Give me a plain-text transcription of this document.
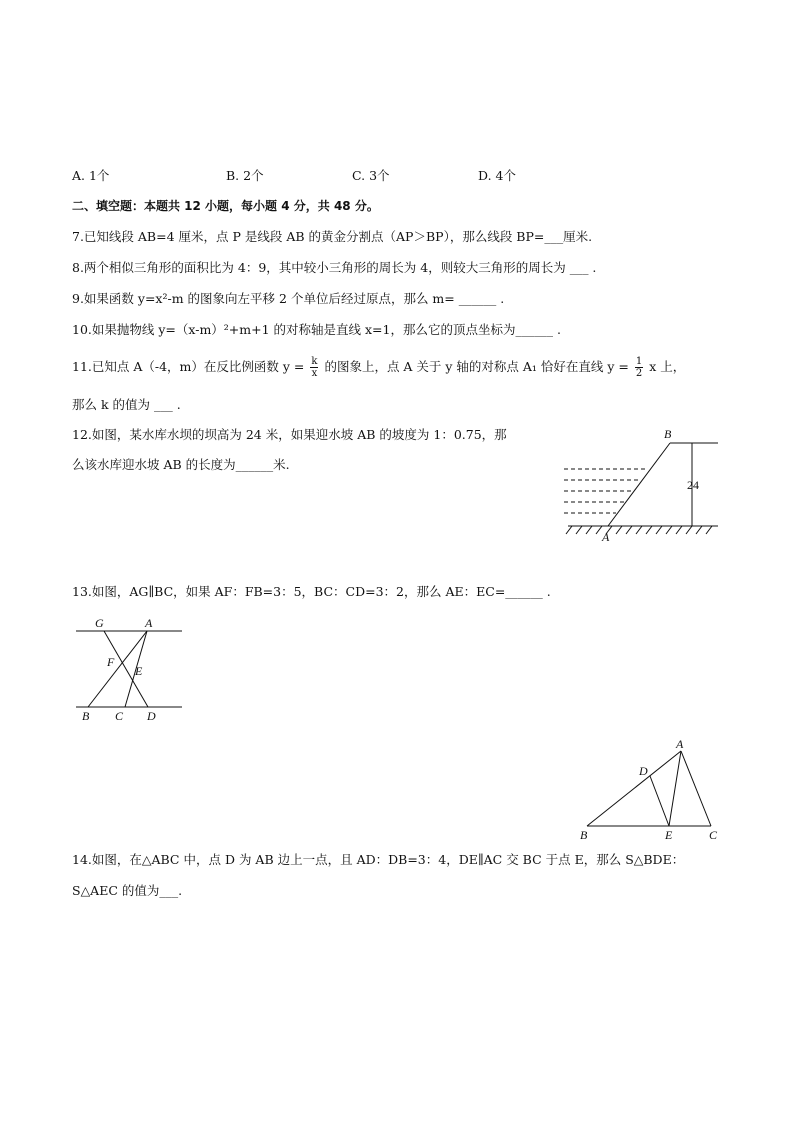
A. 1个	B. 2个	C. 3个	D. 4个
二、填空题：本题共 12 小题，每小题 4 分，共 48 分。
7.已知线段 AB=4 厘米，点 P 是线段 AB 的黄金分割点（AP＞BP），那么线段 BP=___厘米.
8.两个相似三角形的面积比为 4：9，其中较小三角形的周长为 4，则较大三角形的周长为 ___ .
9.如果函数 y=x²-m 的图象向左平移 2 个单位后经过原点，那么 m= ______ .
10.如果抛物线 y=（x-m）²+m+1 的对称轴是直线 x=1，那么它的顶点坐标为______ .
11.已知点 A（-4，m）在反比例函数 $y = \frac{k}{x}$ 的图象上，点 A 关于 y 轴的对称点 A₁ 恰好在直线 $y = \frac{1}{2}$ x 上，
那么 k 的值为 ___ .
12.如图，某水库水坝的坝高为 24 米，如果迎水坡 AB 的坡度为 1：0.75，那
么该水库迎水坡 AB 的长度为______米.
B
A
24
13.如图，AG∥BC，如果 AF：FB=3：5，BC：CD=3：2，那么 AE：EC=______ .
G	A
F
E
B C D
A
D
B	E	C
14.如图，在△ABC 中，点 D 为 AB 边上一点，且 AD：DB=3：4，DE∥AC 交 BC 于点 E，那么 S△BDE：
S△AEC 的值为___.
